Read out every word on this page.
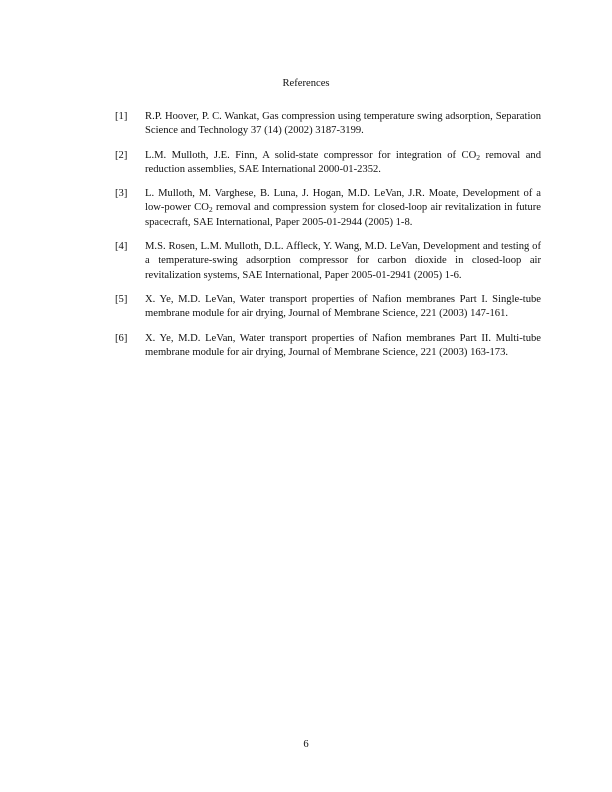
References
[1] R.P. Hoover, P. C. Wankat, Gas compression using temperature swing adsorption, Separation Science and Technology 37 (14) (2002) 3187-3199.
[2] L.M. Mulloth, J.E. Finn, A solid-state compressor for integration of $CO_2$ removal and reduction assemblies, SAE International 2000-01-2352.
[3] L. Mulloth, M. Varghese, B. Luna, J. Hogan, M.D. LeVan, J.R. Moate, Development of a low-power $CO_2$ removal and compression system for closed-loop air revitalization in future spacecraft, SAE International, Paper 2005-01-2944 (2005) 1-8.
[4] M.S. Rosen, L.M. Mulloth, D.L. Affleck, Y. Wang, M.D. LeVan, Development and testing of a temperature-swing adsorption compressor for carbon dioxide in closed-loop air revitalization systems, SAE International, Paper 2005-01-2941 (2005) 1-6.
[5] X. Ye, M.D. LeVan, Water transport properties of Nafion membranes Part I. Single-tube membrane module for air drying, Journal of Membrane Science, 221 (2003) 147-161.
[6] X. Ye, M.D. LeVan, Water transport properties of Nafion membranes Part II. Multi-tube membrane module for air drying, Journal of Membrane Science, 221 (2003) 163-173.
6
